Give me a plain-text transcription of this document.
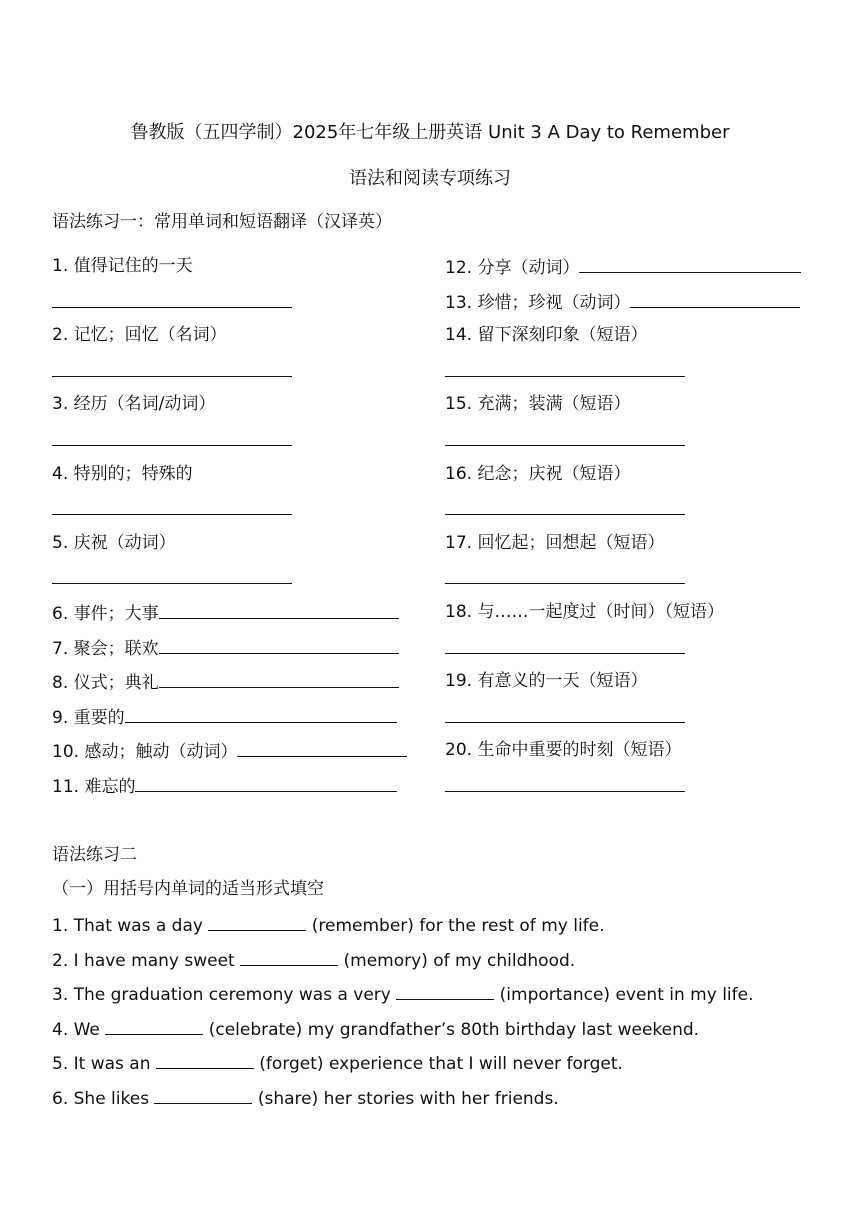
鲁教版（五四学制）2025年七年级上册英语 Unit 3 A Day to Remember
语法和阅读专项练习
语法练习一：常用单词和短语翻译（汉译英）
1. 值得记住的一天
2. 记忆；回忆（名词）
3. 经历（名词/动词）
4. 特别的；特殊的
5. 庆祝（动词）
6. 事件；大事
7. 聚会；联欢
8. 仪式；典礼
9. 重要的
10. 感动；触动（动词）
11. 难忘的
12. 分享（动词）
13. 珍惜；珍视（动词）
14. 留下深刻印象（短语）
15. 充满；装满（短语）
16. 纪念；庆祝（短语）
17. 回忆起；回想起（短语）
18. 与……一起度过（时间）（短语）
19. 有意义的一天（短语）
20. 生命中重要的时刻（短语）
语法练习二
（一）用括号内单词的适当形式填空
1. That was a day	(remember) for the rest of my life.
2. I have many sweet	(memory) of my childhood.
3. The graduation ceremony was a very	(importance) event in my life.
4. We	(celebrate) my grandfather’s 80th birthday last weekend.
5. It was an	(forget) experience that I will never forget.
6. She likes	(share) her stories with her friends.
